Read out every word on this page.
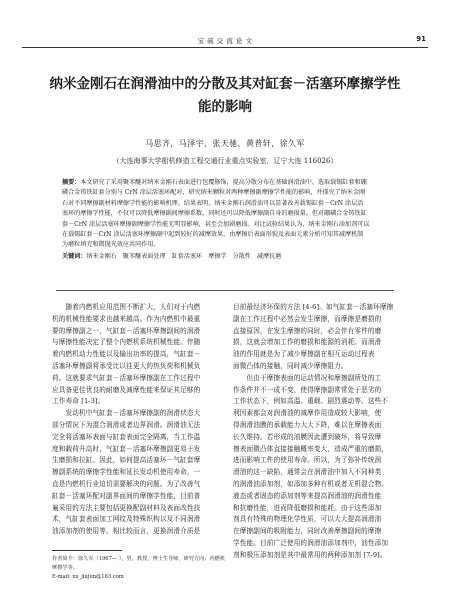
宝 硫 交 流 论 文	91
纳米金刚石在润滑油中的分散及其对缸套－活塞环摩擦学性
能的影响
马思齐，马泽宇，张天驰，黄普轩，徐久军
（大连海事大学船机修造工程交通行业重点实验室，辽宁大连 116026）
摘要：本文研究了采用聚苯醚对纳米金刚石表面进行包覆修饰，提高分散分布在基础润滑油中。选取载锡缸套和硼
磷合金铸铁缸套分别与 CrN 涂层活塞环配对，研究纳米颗粒对两种摩擦副摩擦学性能的影响，并探究了纳米金刚
石对不同摩擦副材料摩擦学性能的影响机理。结果表明，纳米金刚石润滑油可以显著改善载锡缸套－CrN 涂层活
塞环的摩擦学性能，不仅可以降低摩擦副间摩擦系数，同时还可以降低摩擦副自身的磨损量。但对硼磷合金铸铁缸
套－CrN 涂层活塞环摩擦副摩擦学性能无明显影响，甚至会加剧磨损。对比试验结果认为，纳米金刚石添加剂可以
在载锡缸套－CrN 涂层活塞环摩擦副中起到较好的减摩效果，由摩擦后表面形貌及表面元素分析可知其减摩机制
为磨粒填充和微抛光效应共同作用。
关键词：纳米金刚石　聚苯醚表面处理　缸套活塞环　摩擦学　分散性　减摩抗磨
　　随着内燃机应用范围不断扩大，人们对于内燃
机的机械性能要求也越来越高。作为内燃机中最重
要的摩擦副之一，气缸套－活塞环摩擦副间的润滑
与摩擦性能决定了整个内燃机系统机械性能。伴随
着内燃机动力性能以及输出功率的提高，气缸套－
活塞环摩擦副将承受比以往更大的热负荷和机械负
荷。这就要求气缸套－活塞环摩擦副在工作过程中
应具备更佳优良的耐磨及减摩性能来保证其足够的
工作寿命 [1-3]。
　　发动机中气缸套－活塞环摩擦副的润滑状态大
部分情况下为混合润滑或者边界润滑。润滑油无法
完全将活塞环表面与缸套表面完全隔离，当工作温
度和载荷升高时，气缸套－活塞环摩擦副更易于发
生磨损和拉缸。因此，如何提高活塞环－气缸套摩
擦副系统的摩擦学性能和延长发动机使用寿命，一
直是内燃机行业迫切需要解决的问题。为了改善气
缸套－活塞环配对副界面间的摩擦学性能，目前普
遍采用的方法主要包括更换配副材料及表面改性技
术，气缸套表面加工网纹及特殊织构以及不同润滑
油添加剂的使用等。相比较而言，更换润滑介质是
目前最经济环保的方法 [4-6]。如气缸套－活塞环摩擦
副在工作过程中必然会发生摩擦，而摩擦是磨损的
直接原因，在发生摩擦的同时，必会伴有零件的磨
损，这就会增加工作的磨损和能源的消耗。而润滑
油的作用就是为了减少摩擦副在相互运动过程表
面微凸体的接触，同时减少摩擦阻力。
　　但由于摩擦表面的运动情况和摩擦副所处的工
作条件并不一成不变，使得摩擦副常常处于恶劣的
工作状态下，例如高温、重载、剧烈震动等。这些不
利因素都会对润滑油的减摩作用造成较大影响，使
得润滑油膜的承载能力大大下降，难以在摩擦表面
长久维持。若形成的油膜因此遭到破坏，将导致摩
擦表面微凸体直接接触概率变大，造成严重的磨损，
进而影响工件的使用寿命。所以，为了弥补传统润
滑油的这一缺陷，通常会在润滑油中加入不同种类
的润滑油添加剂，如添加多种有机或者无机混合物。
液态或者固态的添加剂等来提高润滑油的润滑性能
和抗磨性能，进而降低磨损和能耗。由于这些添加
剂具有特殊的物理化学性质，可以大大提高润滑油
在摩擦副间的吸附能力，同时改善摩擦副间的摩擦
学性能。目前广泛使用的润滑油添加剂中，油性添加
剂和极压添加剂是其中最常用的两种添加剂 [7-9]。
作者简介：徐久军（1967— ），男，教授，博士生导师，研究方向：内燃机
摩擦学等。
E-mail: xu_jiujun@163.com
